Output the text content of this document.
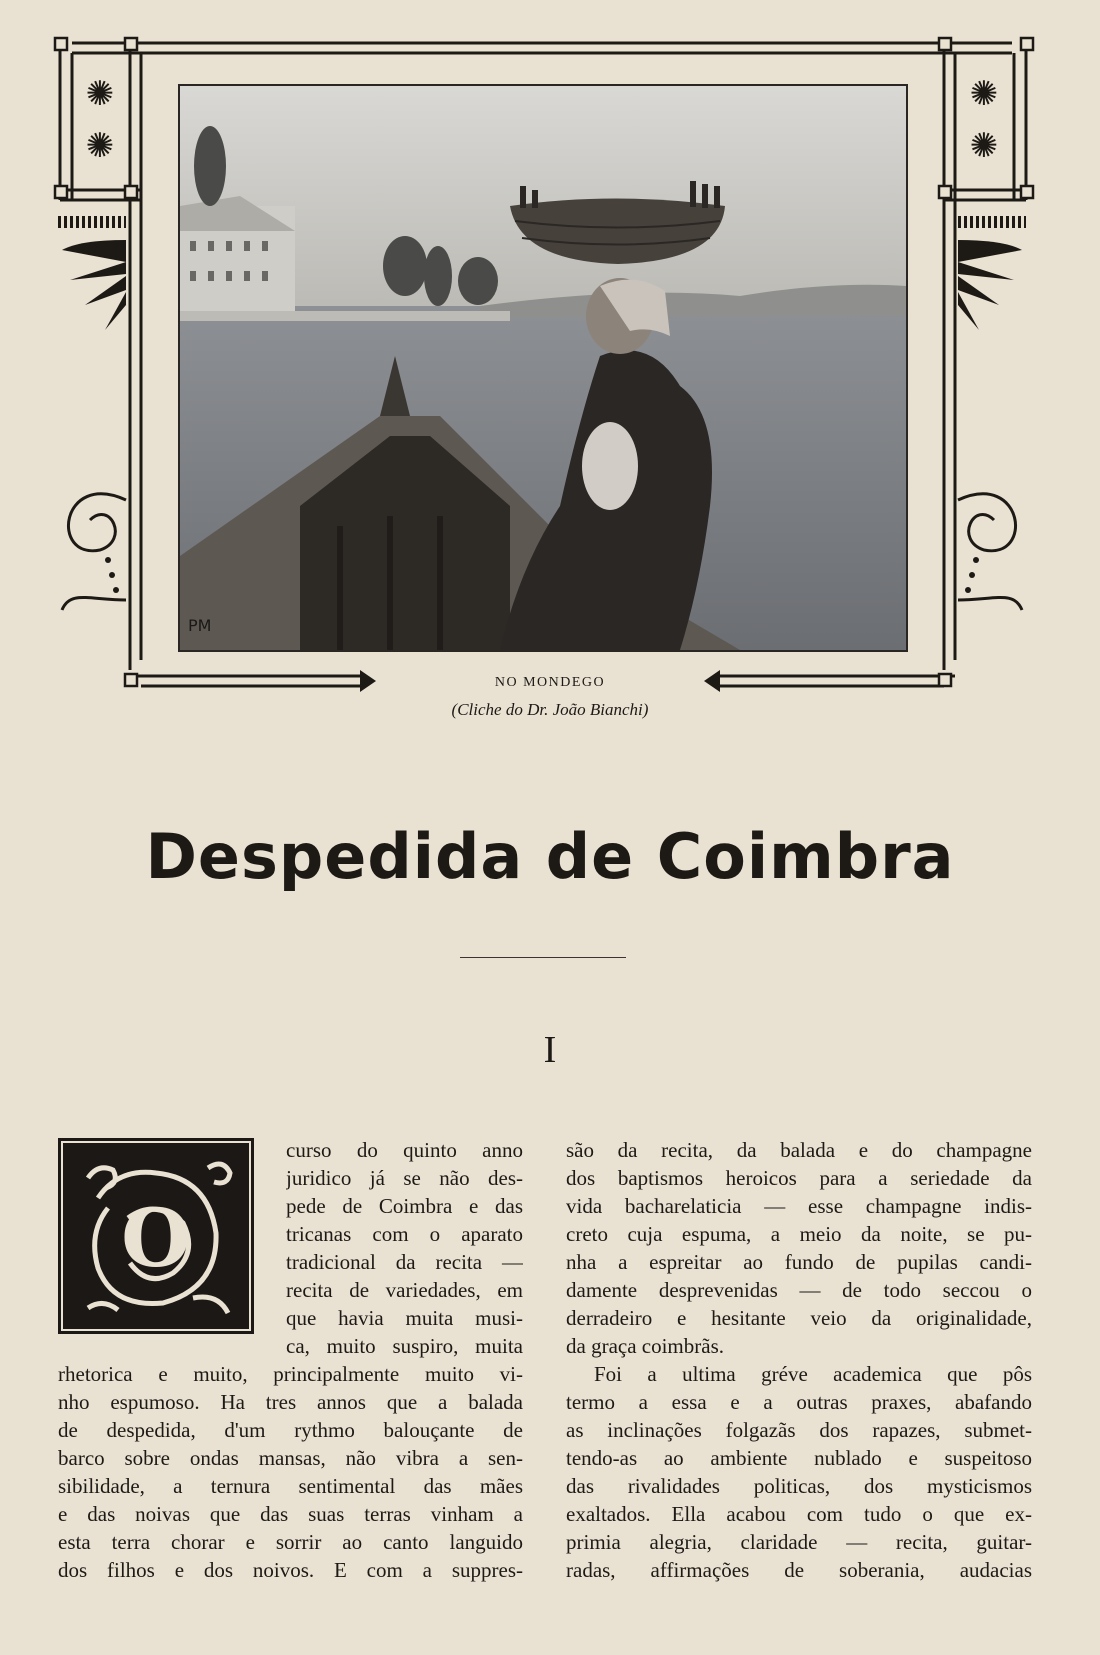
✺
✺
✺
✺
PM
NO MONDEGO
(Cliche do Dr. João Bianchi)
Despedida de Coimbra
I
O
curso do quinto anno
juridico já se não des-
pede de Coimbra e das
tricanas com o aparato
tradicional da recita —
recita de variedades, em
que havia muita musi-
ca, muito suspiro, muita
rhetorica e muito, principalmente muito vi-
nho espumoso. Ha tres annos que a balada
de despedida, d'um rythmo balouçante de
barco sobre ondas mansas, não vibra a sen-
sibilidade, a ternura sentimental das mães
e das noivas que das suas terras vinham a
esta terra chorar e sorrir ao canto languido
dos filhos e dos noivos. E com a suppres-
são da recita, da balada e do champagne
dos baptismos heroicos para a seriedade da
vida bacharelaticia — esse champagne indis-
creto cuja espuma, a meio da noite, se pu-
nha a espreitar ao fundo de pupilas candi-
damente desprevenidas — de todo seccou o
derradeiro e hesitante veio da originalidade,
da graça coimbrãs.
Foi a ultima gréve academica que pôs
termo a essa e a outras praxes, abafando
as inclinações folgazãs dos rapazes, submet-
tendo-as ao ambiente nublado e suspeitoso
das rivalidades politicas, dos mysticismos
exaltados. Ella acabou com tudo o que ex-
primia alegria, claridade — recita, guitar-
radas, affirmações de soberania, audacias
